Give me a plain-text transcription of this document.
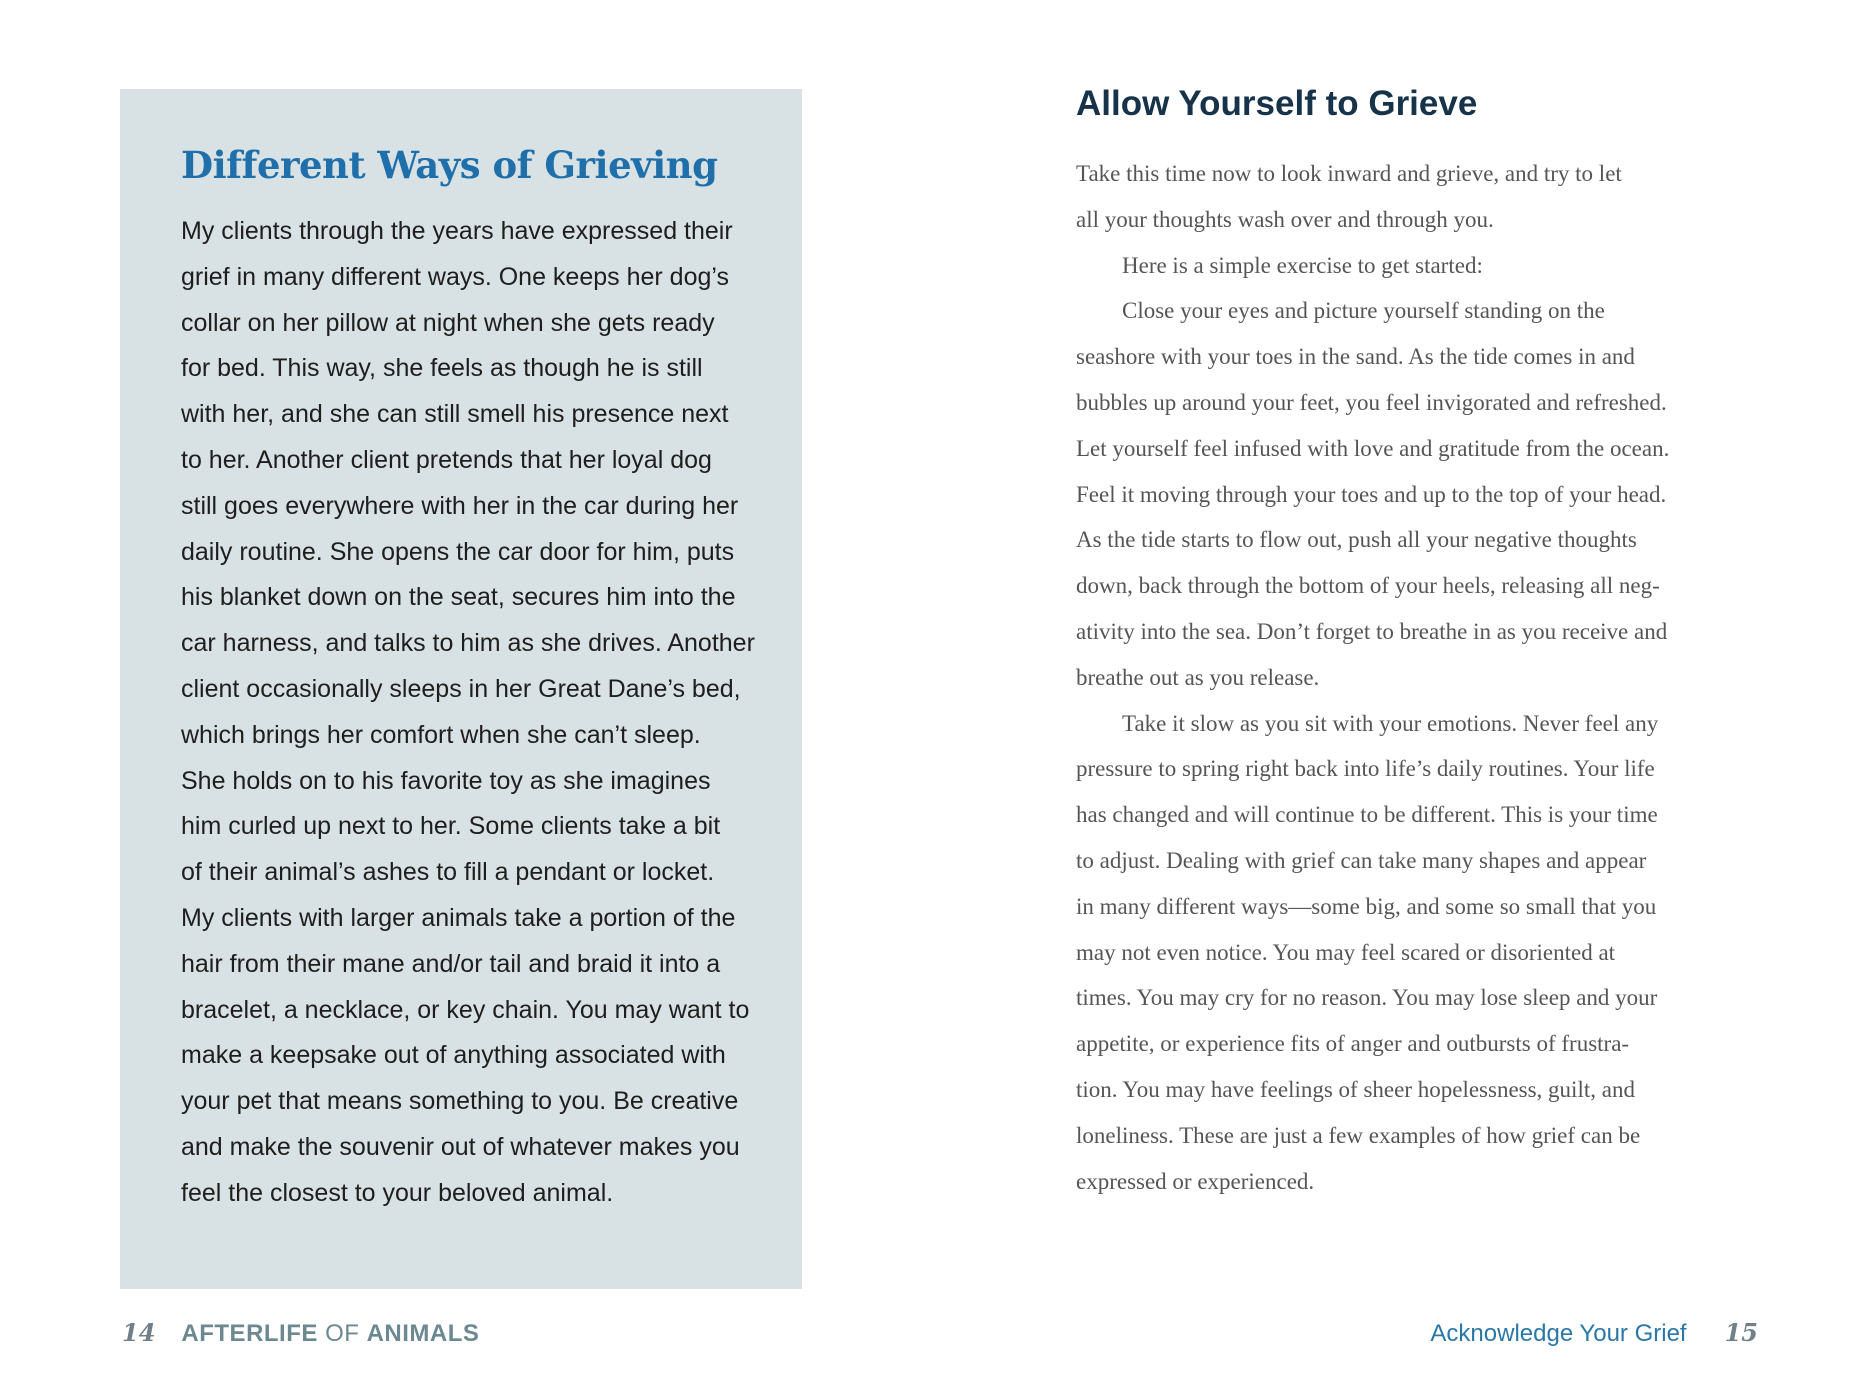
Different Ways of Grieving
My clients through the years have expressed their
grief in many different ways. One keeps her dog’s
collar on her pillow at night when she gets ready
for bed. This way, she feels as though he is still
with her, and she can still smell his presence next
to her. Another client pretends that her loyal dog
still goes everywhere with her in the car during her
daily routine. She opens the car door for him, puts
his blanket down on the seat, secures him into the
car harness, and talks to him as she drives. Another
client occasionally sleeps in her Great Dane’s bed,
which brings her comfort when she can’t sleep.
She holds on to his favorite toy as she imagines
him curled up next to her. Some clients take a bit
of their animal’s ashes to fill a pendant or locket.
My clients with larger animals take a portion of the
hair from their mane and/or tail and braid it into a
bracelet, a necklace, or key chain. You may want to
make a keepsake out of anything associated with
your pet that means something to you. Be creative
and make the souvenir out of whatever makes you
feel the closest to your beloved animal.
14 AFTERLIFE OF ANIMALS
Allow Yourself to Grieve
Take this time now to look inward and grieve, and try to let
all your thoughts wash over and through you.
Here is a simple exercise to get started:
Close your eyes and picture yourself standing on the
seashore with your toes in the sand. As the tide comes in and
bubbles up around your feet, you feel invigorated and refreshed.
Let yourself feel infused with love and gratitude from the ocean.
Feel it moving through your toes and up to the top of your head.
As the tide starts to flow out, push all your negative thoughts
down, back through the bottom of your heels, releasing all neg-
ativity into the sea. Don’t forget to breathe in as you receive and
breathe out as you release.
Take it slow as you sit with your emotions. Never feel any
pressure to spring right back into life’s daily routines. Your life
has changed and will continue to be different. This is your time
to adjust. Dealing with grief can take many shapes and appear
in many different ways—some big, and some so small that you
may not even notice. You may feel scared or disoriented at
times. You may cry for no reason. You may lose sleep and your
appetite, or experience fits of anger and outbursts of frustra-
tion. You may have feelings of sheer hopelessness, guilt, and
loneliness. These are just a few examples of how grief can be
expressed or experienced.
Acknowledge Your Grief 15
